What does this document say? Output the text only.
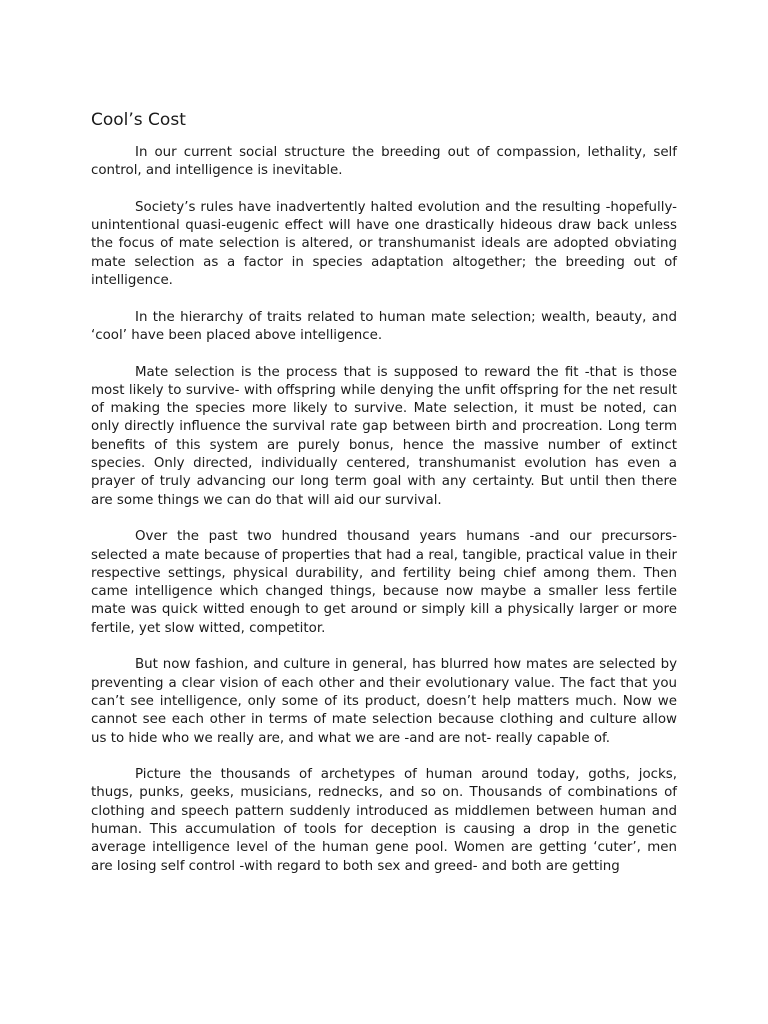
Cool’s Cost

In our current social structure the breeding out of compassion, lethality, self control, and intelligence is inevitable.

Society’s rules have inadvertently halted evolution and the resulting -hopefully- unintentional quasi-eugenic effect will have one drastically hideous draw back unless the focus of mate selection is altered, or transhumanist ideals are adopted obviating mate selection as a factor in species adaptation altogether; the breeding out of intelligence.

In the hierarchy of traits related to human mate selection; wealth, beauty, and ‘cool’ have been placed above intelligence.

Mate selection is the process that is supposed to reward the fit -that is those most likely to survive- with offspring while denying the unfit offspring for the net result of making the species more likely to survive. Mate selection, it must be noted, can only directly influence the survival rate gap between birth and procreation. Long term benefits of this system are purely bonus, hence the massive number of extinct species. Only directed, individually centered, transhumanist evolution has even a prayer of truly advancing our long term goal with any certainty. But until then there are some things we can do that will aid our survival.

Over the past two hundred thousand years humans -and our precursors- selected a mate because of properties that had a real, tangible, practical value in their respective settings, physical durability, and fertility being chief among them. Then came intelligence which changed things, because now maybe a smaller less fertile mate was quick witted enough to get around or simply kill a physically larger or more fertile, yet slow witted, competitor.

But now fashion, and culture in general, has blurred how mates are selected by preventing a clear vision of each other and their evolutionary value. The fact that you can’t see intelligence, only some of its product, doesn’t help matters much. Now we cannot see each other in terms of mate selection because clothing and culture allow us to hide who we really are, and what we are -and are not- really capable of.

Picture the thousands of archetypes of human around today, goths, jocks, thugs, punks, geeks, musicians, rednecks, and so on. Thousands of combinations of clothing and speech pattern suddenly introduced as middlemen between human and human. This accumulation of tools for deception is causing a drop in the genetic average intelligence level of the human gene pool. Women are getting ‘cuter’, men are losing self control -with regard to both sex and greed- and both are getting
